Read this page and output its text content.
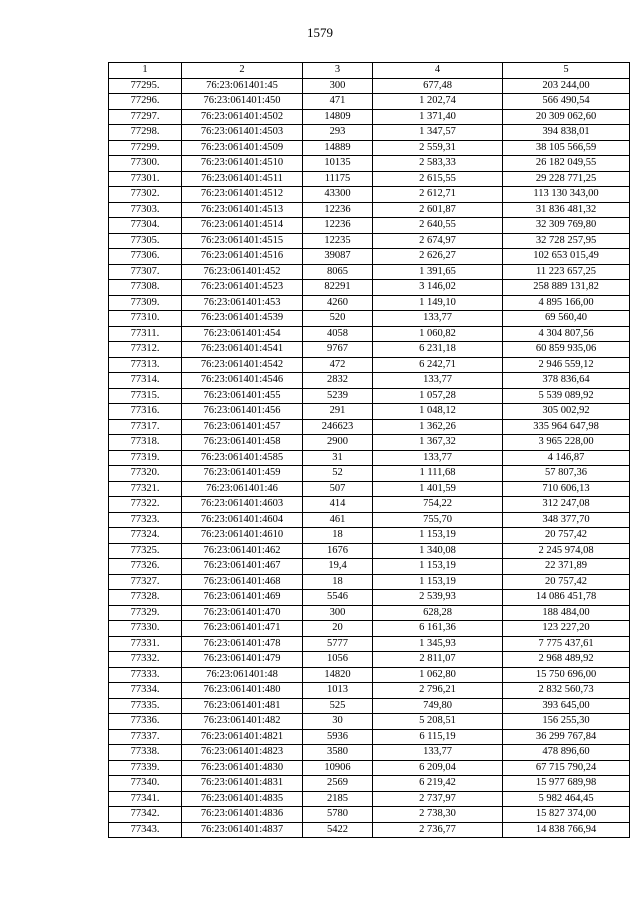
1579
1	2	3	4	5
77295.	76:23:061401:45	300	677,48	203 244,00
77296.	76:23:061401:450	471	1 202,74	566 490,54
77297.	76:23:061401:4502	14809	1 371,40	20 309 062,60
77298.	76:23:061401:4503	293	1 347,57	394 838,01
77299.	76:23:061401:4509	14889	2 559,31	38 105 566,59
77300.	76:23:061401:4510	10135	2 583,33	26 182 049,55
77301.	76:23:061401:4511	11175	2 615,55	29 228 771,25
77302.	76:23:061401:4512	43300	2 612,71	113 130 343,00
77303.	76:23:061401:4513	12236	2 601,87	31 836 481,32
77304.	76:23:061401:4514	12236	2 640,55	32 309 769,80
77305.	76:23:061401:4515	12235	2 674,97	32 728 257,95
77306.	76:23:061401:4516	39087	2 626,27	102 653 015,49
77307.	76:23:061401:452	8065	1 391,65	11 223 657,25
77308.	76:23:061401:4523	82291	3 146,02	258 889 131,82
77309.	76:23:061401:453	4260	1 149,10	4 895 166,00
77310.	76:23:061401:4539	520	133,77	69 560,40
77311.	76:23:061401:454	4058	1 060,82	4 304 807,56
77312.	76:23:061401:4541	9767	6 231,18	60 859 935,06
77313.	76:23:061401:4542	472	6 242,71	2 946 559,12
77314.	76:23:061401:4546	2832	133,77	378 836,64
77315.	76:23:061401:455	5239	1 057,28	5 539 089,92
77316.	76:23:061401:456	291	1 048,12	305 002,92
77317.	76:23:061401:457	246623	1 362,26	335 964 647,98
77318.	76:23:061401:458	2900	1 367,32	3 965 228,00
77319.	76:23:061401:4585	31	133,77	4 146,87
77320.	76:23:061401:459	52	1 111,68	57 807,36
77321.	76:23:061401:46	507	1 401,59	710 606,13
77322.	76:23:061401:4603	414	754,22	312 247,08
77323.	76:23:061401:4604	461	755,70	348 377,70
77324.	76:23:061401:4610	18	1 153,19	20 757,42
77325.	76:23:061401:462	1676	1 340,08	2 245 974,08
77326.	76:23:061401:467	19,4	1 153,19	22 371,89
77327.	76:23:061401:468	18	1 153,19	20 757,42
77328.	76:23:061401:469	5546	2 539,93	14 086 451,78
77329.	76:23:061401:470	300	628,28	188 484,00
77330.	76:23:061401:471	20	6 161,36	123 227,20
77331.	76:23:061401:478	5777	1 345,93	7 775 437,61
77332.	76:23:061401:479	1056	2 811,07	2 968 489,92
77333.	76:23:061401:48	14820	1 062,80	15 750 696,00
77334.	76:23:061401:480	1013	2 796,21	2 832 560,73
77335.	76:23:061401:481	525	749,80	393 645,00
77336.	76:23:061401:482	30	5 208,51	156 255,30
77337.	76:23:061401:4821	5936	6 115,19	36 299 767,84
77338.	76:23:061401:4823	3580	133,77	478 896,60
77339.	76:23:061401:4830	10906	6 209,04	67 715 790,24
77340.	76:23:061401:4831	2569	6 219,42	15 977 689,98
77341.	76:23:061401:4835	2185	2 737,97	5 982 464,45
77342.	76:23:061401:4836	5780	2 738,30	15 827 374,00
77343.	76:23:061401:4837	5422	2 736,77	14 838 766,94
